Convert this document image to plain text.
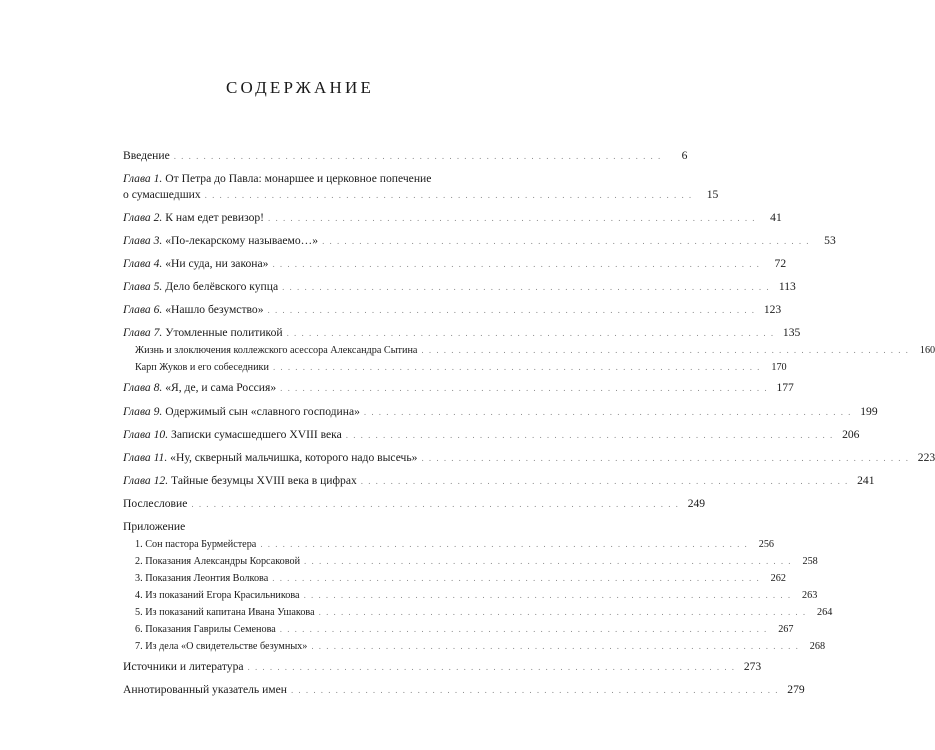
СОДЕРЖАНИЕ
Введение ..................................................................	6
Глава 1. От Петра до Павла: монаршее и церковное попечение
о сумасшедших .................................................................. 15
Глава 2. К нам едет ревизор! .................................................................. 41
Глава 3. «По-лекарскому называемо…» .................................................................. 53
Глава 4. «Ни суда, ни закона» .................................................................. 72
Глава 5. Дело белёвского купца .................................................................. 113
Глава 6. «Нашло безумство» .................................................................. 123
Глава 7. Утомленные политикой .................................................................. 135
Жизнь и злоключения коллежского асессора Александра Сытина .................................................................. 160
Карп Жуков и его собеседники .................................................................. 170
Глава 8. «Я, де, и сама Россия» .................................................................. 177
Глава 9. Одержимый сын «славного господина» .................................................................. 199
Глава 10. Записки сумасшедшего XVIII века .................................................................. 206
Глава 11. «Ну, скверный мальчишка, которого надо высечь» .................................................................. 223
Глава 12. Тайные безумцы XVIII века в цифрах .................................................................. 241
Послесловие .................................................................. 249
Приложение
1. Сон пастора Бурмейстера .................................................................. 256
2. Показания Александры Корсаковой .................................................................. 258
3. Показания Леонтия Волкова .................................................................. 262
4. Из показаний Егора Красильникова .................................................................. 263
5. Из показаний капитана Ивана Ушакова .................................................................. 264
6. Показания Гаврилы Семенова .................................................................. 267
7. Из дела «О свидетельстве безумных» .................................................................. 268
Источники и литература .................................................................. 273
Аннотированный указатель имен .................................................................. 279
